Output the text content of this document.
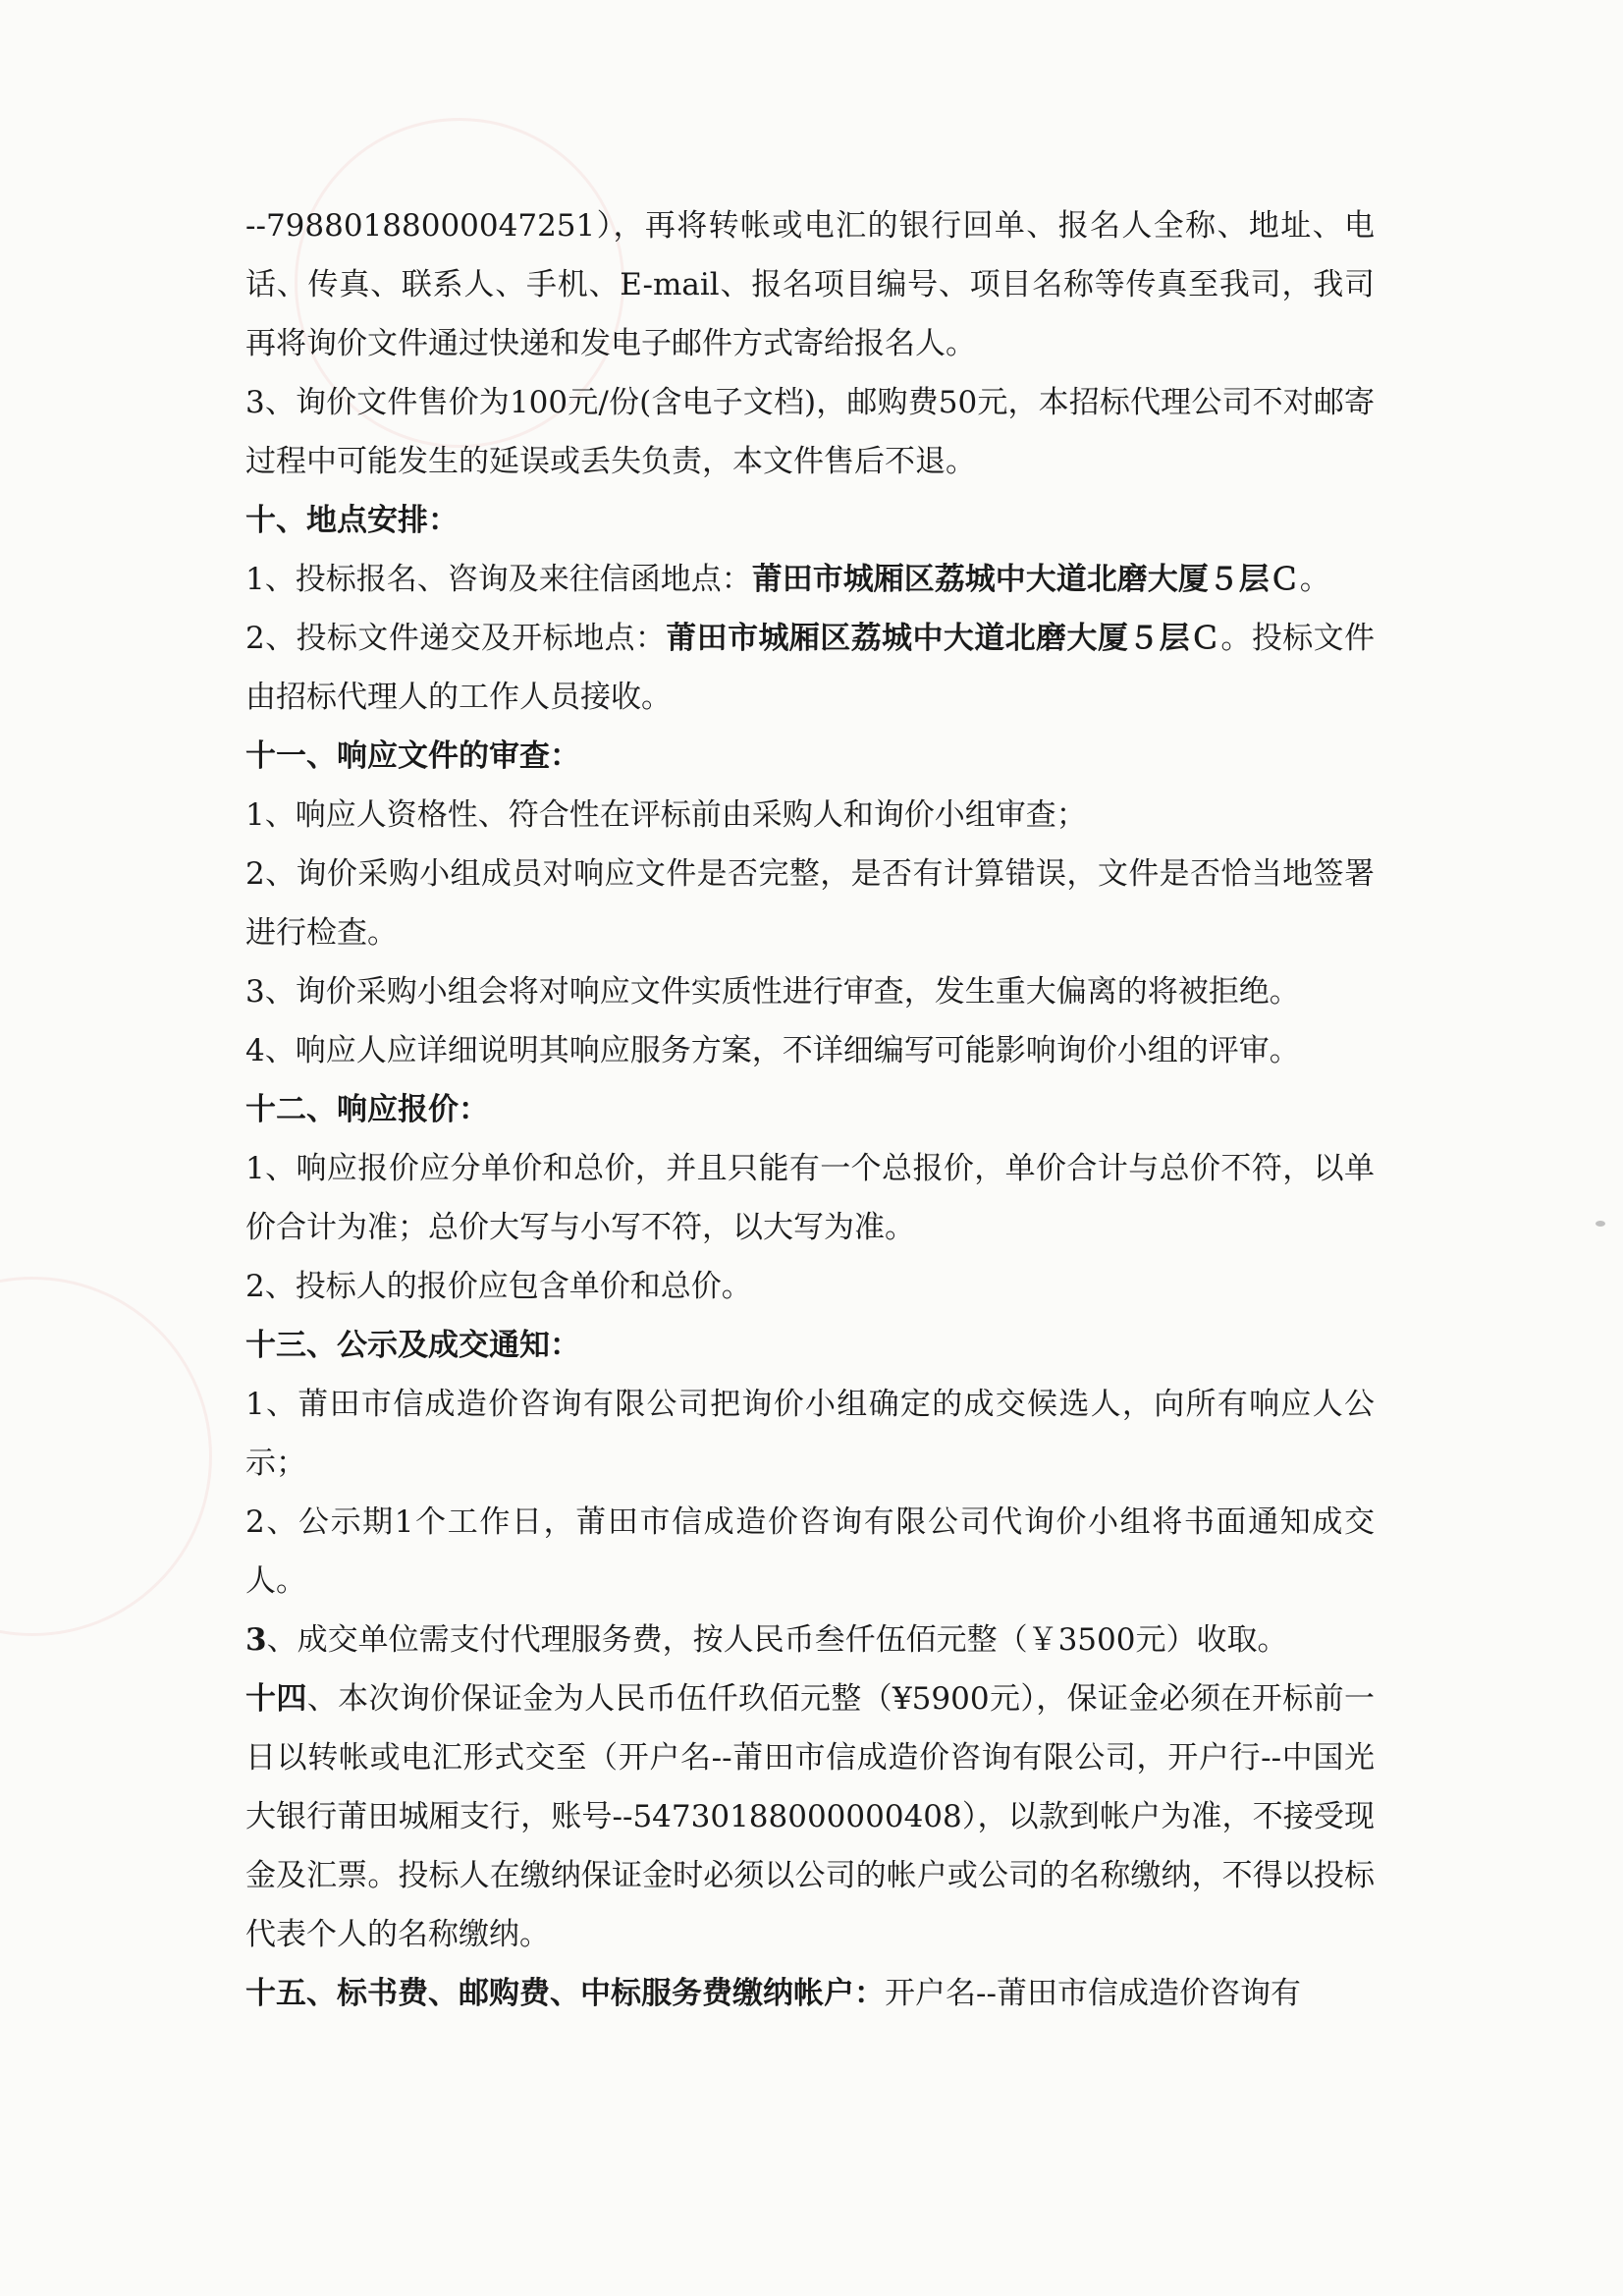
--79880188000047251），再将转帐或电汇的银行回单、报名人全称、地址、电话、传真、联系人、手机、E-mail、报名项目编号、项目名称等传真至我司，我司再将询价文件通过快递和发电子邮件方式寄给报名人。

3、询价文件售价为100元/份(含电子文档)，邮购费50元，本招标代理公司不对邮寄过程中可能发生的延误或丢失负责，本文件售后不退。

十、地点安排：

1、投标报名、咨询及来往信函地点：莆田市城厢区荔城中大道北磨大厦５层Ｃ。

2、投标文件递交及开标地点：莆田市城厢区荔城中大道北磨大厦５层Ｃ。投标文件由招标代理人的工作人员接收。

十一、响应文件的审查：

1、响应人资格性、符合性在评标前由采购人和询价小组审查；

2、询价采购小组成员对响应文件是否完整，是否有计算错误，文件是否恰当地签署进行检查。

3、询价采购小组会将对响应文件实质性进行审查，发生重大偏离的将被拒绝。

4、响应人应详细说明其响应服务方案，不详细编写可能影响询价小组的评审。

十二、响应报价：

1、响应报价应分单价和总价，并且只能有一个总报价，单价合计与总价不符，以单价合计为准；总价大写与小写不符，以大写为准。

2、投标人的报价应包含单价和总价。

十三、公示及成交通知：

1、莆田市信成造价咨询有限公司把询价小组确定的成交候选人，向所有响应人公示；

2、公示期1个工作日，莆田市信成造价咨询有限公司代询价小组将书面通知成交人。

3、成交单位需支付代理服务费，按人民币叁仟伍佰元整（￥3500元）收取。

十四、本次询价保证金为人民币伍仟玖佰元整（¥5900元），保证金必须在开标前一日以转帐或电汇形式交至（开户名--莆田市信成造价咨询有限公司，开户行--中国光大银行莆田城厢支行，账号--54730188000000408），以款到帐户为准，不接受现金及汇票。投标人在缴纳保证金时必须以公司的帐户或公司的名称缴纳，不得以投标代表个人的名称缴纳。

十五、标书费、邮购费、中标服务费缴纳帐户：开户名--莆田市信成造价咨询有
